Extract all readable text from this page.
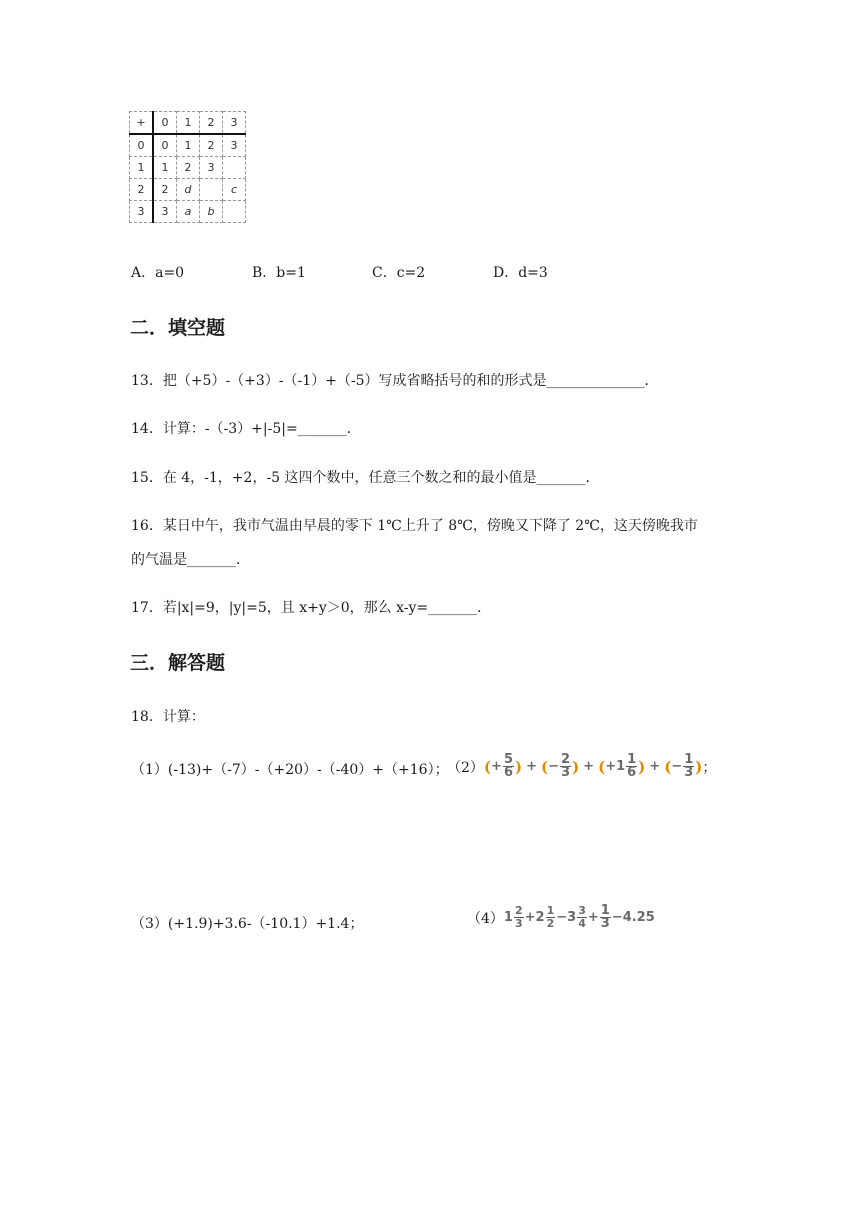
+	0	1	2	3
0	0	1	2	3
1	1	2	3	
2	2	d		c
3	3	a	b	
A．a=0	B．b=1	C．c=2	D．d=3
二．填空题
13．把（+5）-（+3）-（-1）+（-5）写成省略括号的和的形式是______________．
14．计算：-（-3）+|-5|=_______．
15．在 4，-1，+2，-5 这四个数中，任意三个数之和的最小值是_______．
16．某日中午，我市气温由早晨的零下 1℃上升了 8℃，傍晚又下降了 2℃，这天傍晚我市
的气温是_______．
17．若|x|=9，|y|=5，且 x+y＞0，那么 x-y=_______．
三．解答题
18．计算：
（1）(-13)+（-7）-（+20）-（-40）+（+16）；
（2） ( + $\frac{5}{6}$ ) + ( − $\frac{2}{3}$ ) + ( $+1 \frac{1}{6}$ ) + ( − $\frac{1}{3}$ ) ；
（3）(+1.9)+3.6-（-10.1）+1.4；	（4） $1 \frac{2}{3} + 2 \frac{1}{2} - 3 \frac{3}{4} + \frac{1}{3} -4.25$
